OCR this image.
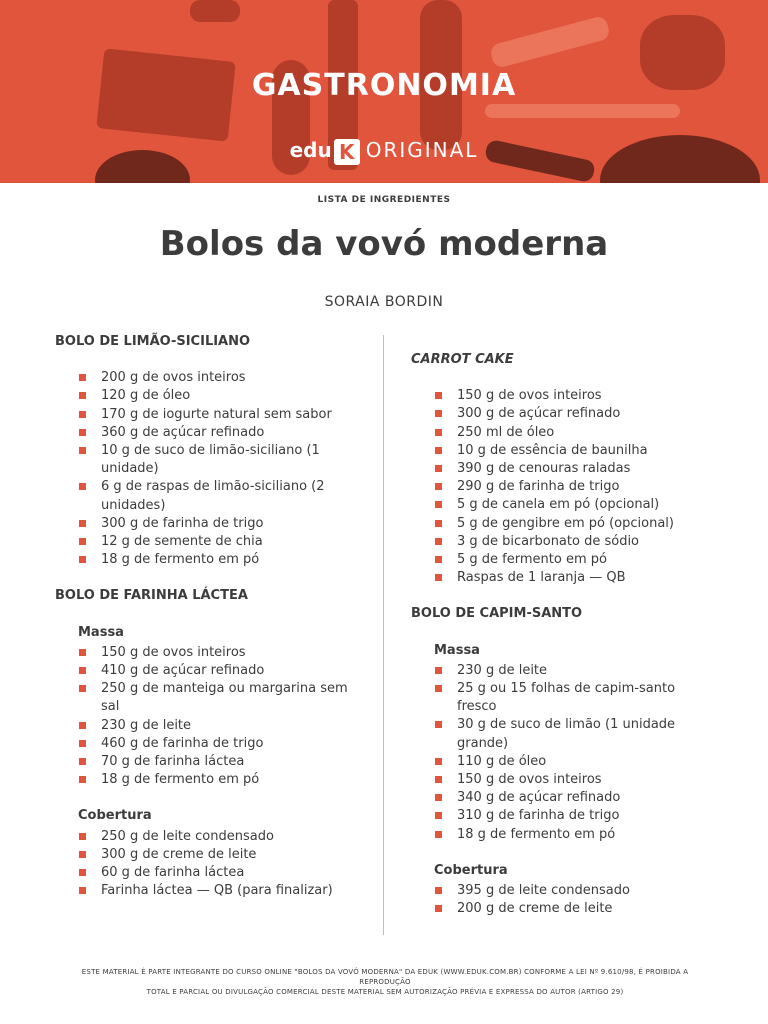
GASTRONOMIA
edu K ORIGINAL
LISTA DE INGREDIENTES
Bolos da vovó moderna
SORAIA BORDIN
BOLO DE LIMÃO-SICILIANO
200 g de ovos inteiros
120 g de óleo
170 g de iogurte natural sem sabor
360 g de açúcar refinado
10 g de suco de limão-siciliano (1 unidade)
6 g de raspas de limão-siciliano (2 unidades)
300 g de farinha de trigo
12 g de semente de chia
18 g de fermento em pó
BOLO DE FARINHA LÁCTEA
Massa
150 g de ovos inteiros
410 g de açúcar refinado
250 g de manteiga ou margarina sem sal
230 g de leite
460 g de farinha de trigo
70 g de farinha láctea
18 g de fermento em pó
Cobertura
250 g de leite condensado
300 g de creme de leite
60 g de farinha láctea
Farinha láctea — QB (para finalizar)
CARROT CAKE
150 g de ovos inteiros
300 g de açúcar refinado
250 ml de óleo
10 g de essência de baunilha
390 g de cenouras raladas
290 g de farinha de trigo
5 g de canela em pó (opcional)
5 g de gengibre em pó (opcional)
3 g de bicarbonato de sódio
5 g de fermento em pó
Raspas de 1 laranja — QB
BOLO DE CAPIM-SANTO
Massa
230 g de leite
25 g ou 15 folhas de capim-santo fresco
30 g de suco de limão (1 unidade grande)
110 g de óleo
150 g de ovos inteiros
340 g de açúcar refinado
310 g de farinha de trigo
18 g de fermento em pó
Cobertura
395 g de leite condensado
200 g de creme de leite
ESTE MATERIAL É PARTE INTEGRANTE DO CURSO ONLINE "BOLOS DA VOVÓ MODERNA" DA EDUK (WWW.EDUK.COM.BR) CONFORME A LEI Nº 9.610/98, É PROIBIDA A REPRODUÇÃO
TOTAL E PARCIAL OU DIVULGAÇÃO COMERCIAL DESTE MATERIAL SEM AUTORIZAÇÃO PRÉVIA E EXPRESSA DO AUTOR (ARTIGO 29)
